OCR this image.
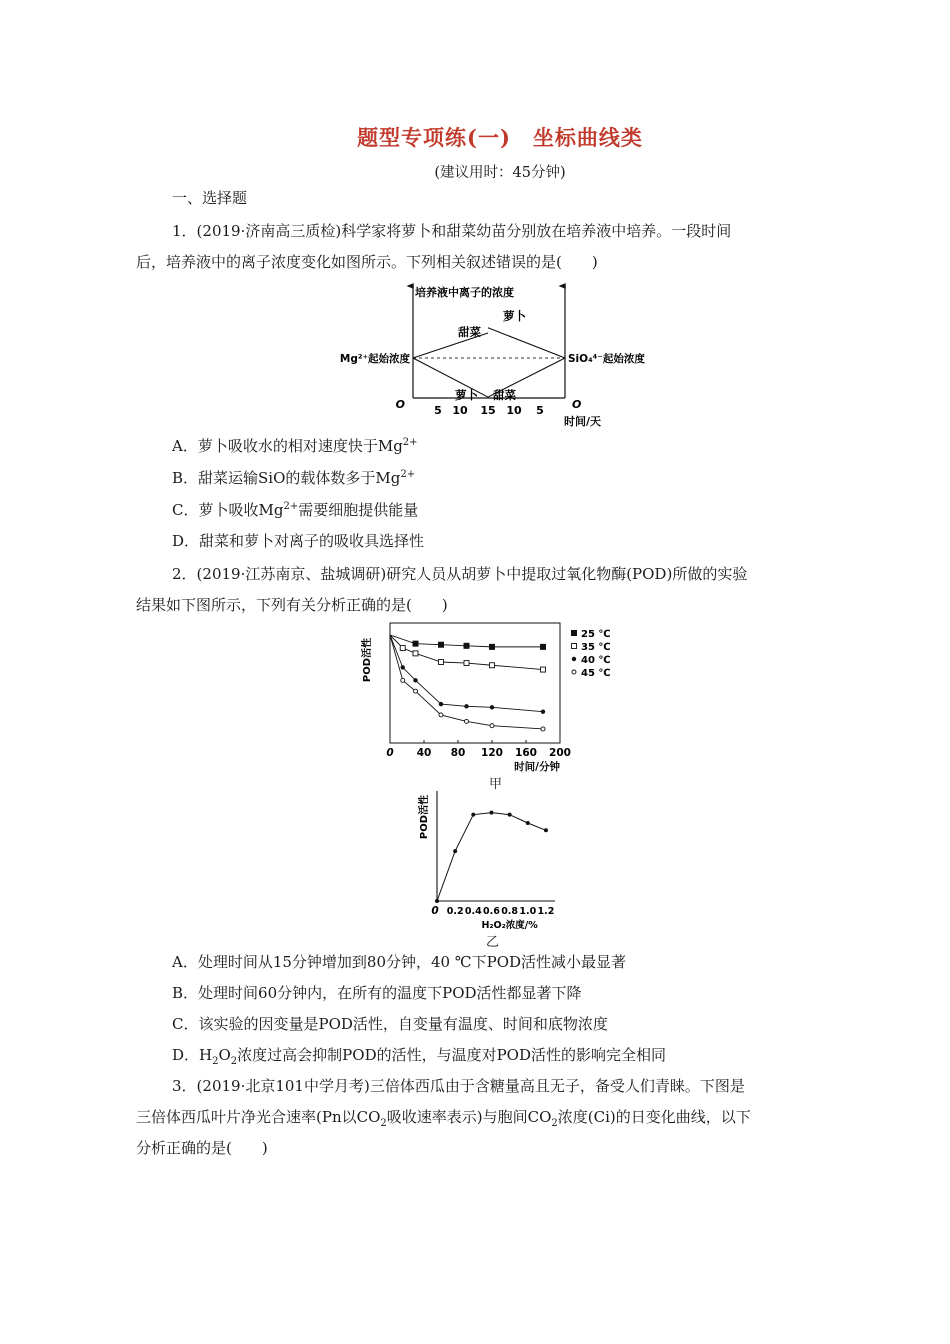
题型专项练(一)　坐标曲线类
(建议用时：45分钟)
一、选择题
1．(2019·济南高三质检)科学家将萝卜和甜菜幼苗分别放在培养液中培养。一段时间
后，培养液中的离子浓度变化如图所示。下列相关叙述错误的是(　　)
培养液中离子的浓度
Mg²⁺起始浓度	SiO₄⁴⁻起始浓度
O	O
时间/天
5 10 15 10 5
甜菜
萝卜
萝卜 甜菜
A．萝卜吸收水的相对速度快于$Mg^{2+}$
B．甜菜运输SiO的载体数多于$Mg^{2+}$
C．萝卜吸收$Mg^{2+}$需要细胞提供能量
D．甜菜和萝卜对离子的吸收具选择性
2．(2019·江苏南京、盐城调研)研究人员从胡萝卜中提取过氧化物酶(POD)所做的实验
结果如下图所示，下列有关分析正确的是(　　)
POD活性
0 40 80 120 160 200
时间/分钟
25 ℃
35 ℃
40 ℃
45 ℃
甲
POD活性
0 0.2 0.4 0.6 0.8 1.0 1.2
H₂O₂浓度/%
乙
A．处理时间从15分钟增加到80分钟，40 ℃下POD活性减小最显著
B．处理时间60分钟内，在所有的温度下POD活性都显著下降
C．该实验的因变量是POD活性，自变量有温度、时间和底物浓度
D．$H_2O_2$浓度过高会抑制POD的活性，与温度对POD活性的影响完全相同
3．(2019·北京101中学月考)三倍体西瓜由于含糖量高且无子，备受人们青睐。下图是
三倍体西瓜叶片净光合速率(Pn以$CO_2$吸收速率表示)与胞间$CO_2$浓度(Ci)的日变化曲线，以下
分析正确的是(　　)
